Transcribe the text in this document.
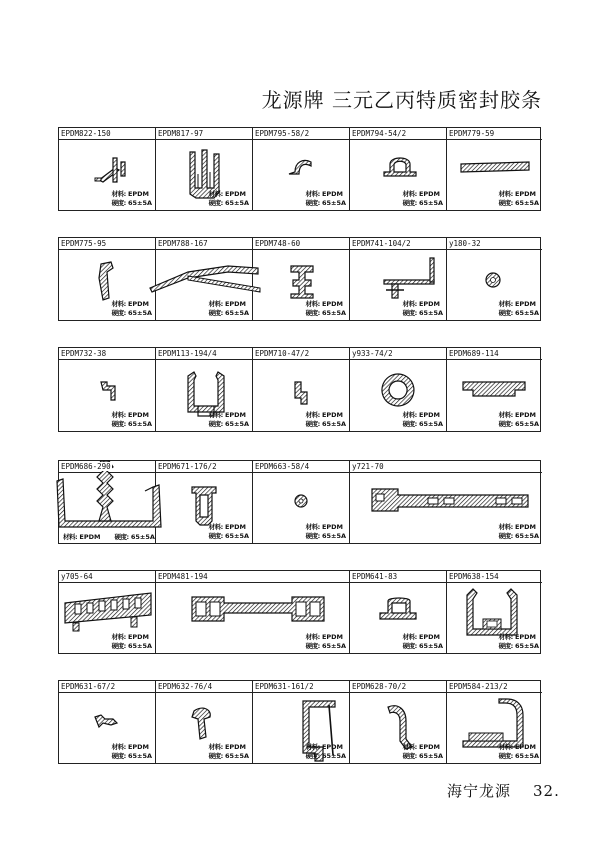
龙源牌 三元乙丙特质密封胶条
EPDM822-150
材料: EPDM
硬度: 65±5A
EPDM817-97
材料: EPDM
硬度: 65±5A
EPDM795-58/2
材料: EPDM
硬度: 65±5A
EPDM794-54/2
材料: EPDM
硬度: 65±5A
EPDM779-59
材料: EPDM
硬度: 65±5A
EPDM775-95
材料: EPDM
硬度: 65±5A
EPDM788-167
材料: EPDM
硬度: 65±5A
EPDM748-60
材料: EPDM
硬度: 65±5A
EPDM741-104/2
材料: EPDM
硬度: 65±5A
y180-32
材料: EPDM
硬度: 65±5A
EPDM732-38
材料: EPDM
硬度: 65±5A
EPDM113-194/4
材料: EPDM
硬度: 65±5A
EPDM710-47/2
材料: EPDM
硬度: 65±5A
y933-74/2
材料: EPDM
硬度: 65±5A
EPDM689-114
材料: EPDM
硬度: 65±5A
EPDM686-290
材料: EPDM 硬度: 65±5A
EPDM671-176/2
材料: EPDM
硬度: 65±5A
EPDM663-58/4
材料: EPDM
硬度: 65±5A
y721-70
材料: EPDM
硬度: 65±5A
y705-64
材料: EPDM
硬度: 65±5A
EPDM481-194
材料: EPDM
硬度: 65±5A
EPDM641-83
材料: EPDM
硬度: 65±5A
EPDM638-154
材料: EPDM
硬度: 65±5A
EPDM631-67/2
材料: EPDM
硬度: 65±5A
EPDM632-76/4
材料: EPDM
硬度: 65±5A
EPDM631-161/2
材料: EPDM
硬度: 65±5A
EPDM628-70/2
材料: EPDM
硬度: 65±5A
EPDM584-213/2
材料: EPDM
硬度: 65±5A
海宁龙源 32.
